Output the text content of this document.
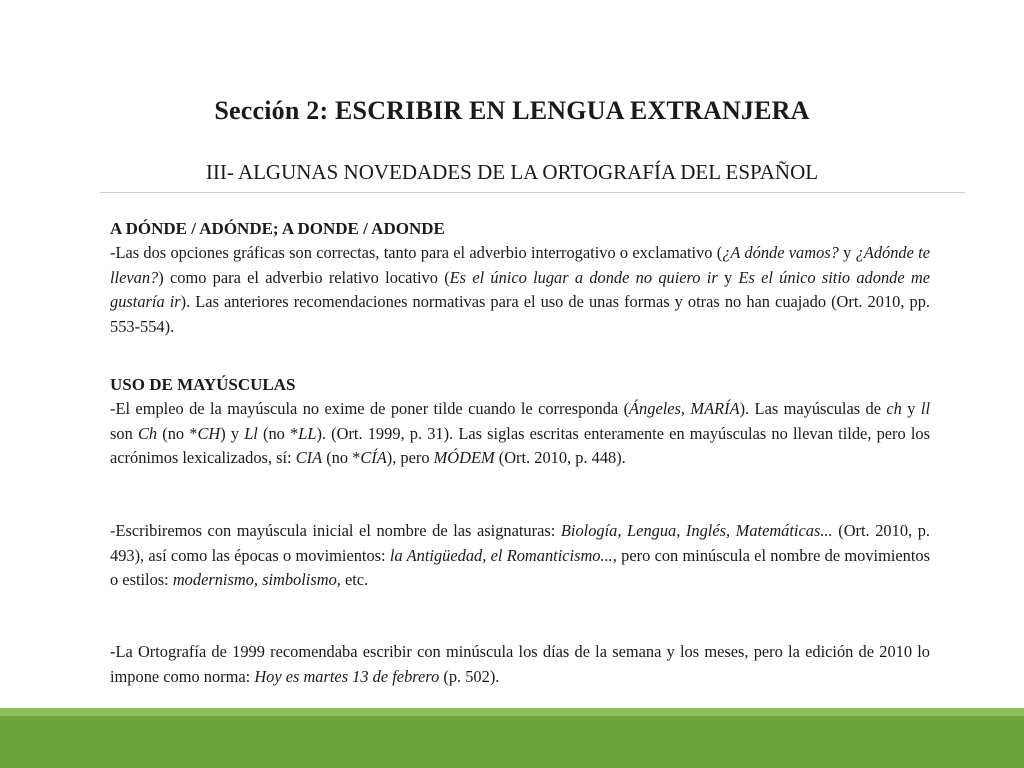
Sección 2: ESCRIBIR EN LENGUA EXTRANJERA
III- ALGUNAS NOVEDADES DE LA ORTOGRAFÍA DEL ESPAÑOL
A DÓNDE / ADÓNDE; A DONDE / ADONDE

-Las dos opciones gráficas son correctas, tanto para el adverbio interrogativo o exclamativo (¿A dónde vamos? y ¿Adónde te llevan?) como para el adverbio relativo locativo (Es el único lugar a donde no quiero ir y Es el único sitio adonde me gustaría ir). Las anteriores recomendaciones normativas para el uso de unas formas y otras no han cuajado (Ort. 2010, pp. 553-554).

USO DE MAYÚSCULAS

-El empleo de la mayúscula no exime de poner tilde cuando le corresponda (Ángeles, MARÍA). Las mayúsculas de ch y ll son Ch (no *CH) y Ll (no *LL). (Ort. 1999, p. 31). Las siglas escritas enteramente en mayúsculas no llevan tilde, pero los acrónimos lexicalizados, sí: CIA (no *CÍA), pero MÓDEM (Ort. 2010, p. 448).

-Escribiremos con mayúscula inicial el nombre de las asignaturas: Biología, Lengua, Inglés, Matemáticas... (Ort. 2010, p. 493), así como las épocas o movimientos: la Antigüedad, el Romanticismo..., pero con minúscula el nombre de movimientos o estilos: modernismo, simbolismo, etc.

-La Ortografía de 1999 recomendaba escribir con minúscula los días de la semana y los meses, pero la edición de 2010 lo impone como norma: Hoy es martes 13 de febrero (p. 502).
